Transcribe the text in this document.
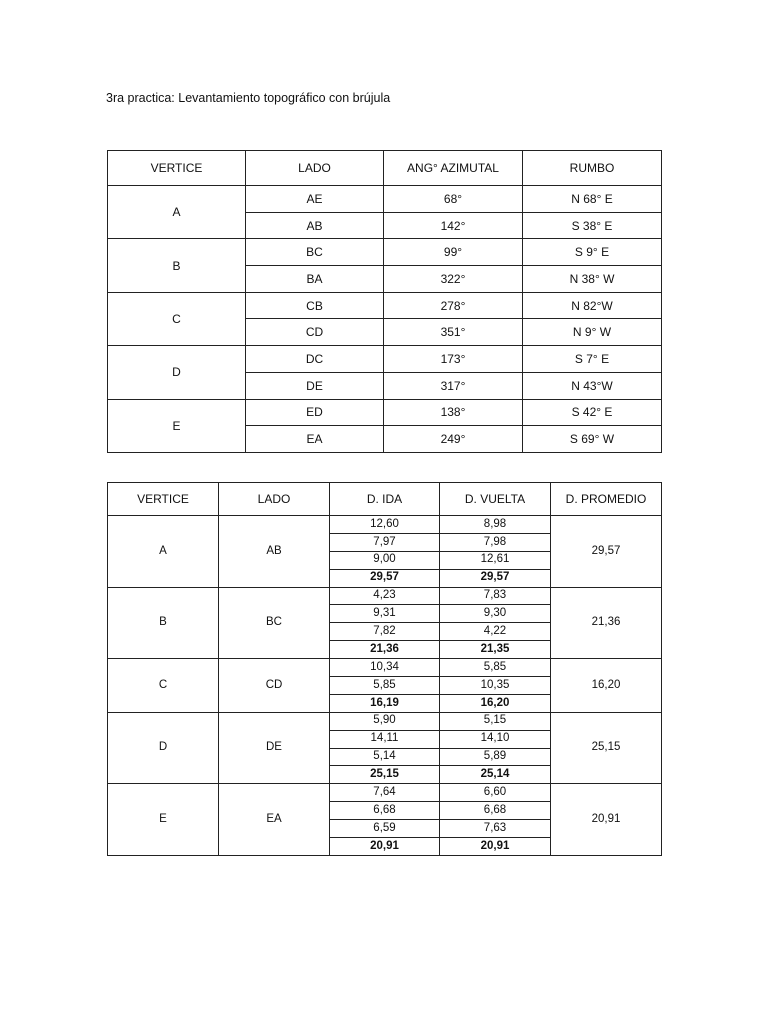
3ra practica: Levantamiento topográfico con brújula
VERTICE	LADO	ANG° AZIMUTAL	RUMBO
A	AE	68°	N 68° E
	AB	142°	S 38° E
B	BC	99°	S 9° E
	BA	322°	N 38° W
C	CB	278°	N 82°W
	CD	351°	N 9° W
D	DC	173°	S 7° E
	DE	317°	N 43°W
E	ED	138°	S 42° E
	EA	249°	S 69° W
VERTICE	LADO	D. IDA	D. VUELTA	D. PROMEDIO
A	AB	12,60	8,98	29,57
		7,97	7,98	
		9,00	12,61	
		29,57	29,57	
B	BC	4,23	7,83	21,36
		9,31	9,30	
		7,82	4,22	
		21,36	21,35	
C	CD	10,34	5,85	16,20
		5,85	10,35	
		16,19	16,20	
D	DE	5,90	5,15	25,15
		14,11	14,10	
		5,14	5,89	
		25,15	25,14	
E	EA	7,64	6,60	20,91
		6,68	6,68	
		6,59	7,63	
		20,91	20,91	
